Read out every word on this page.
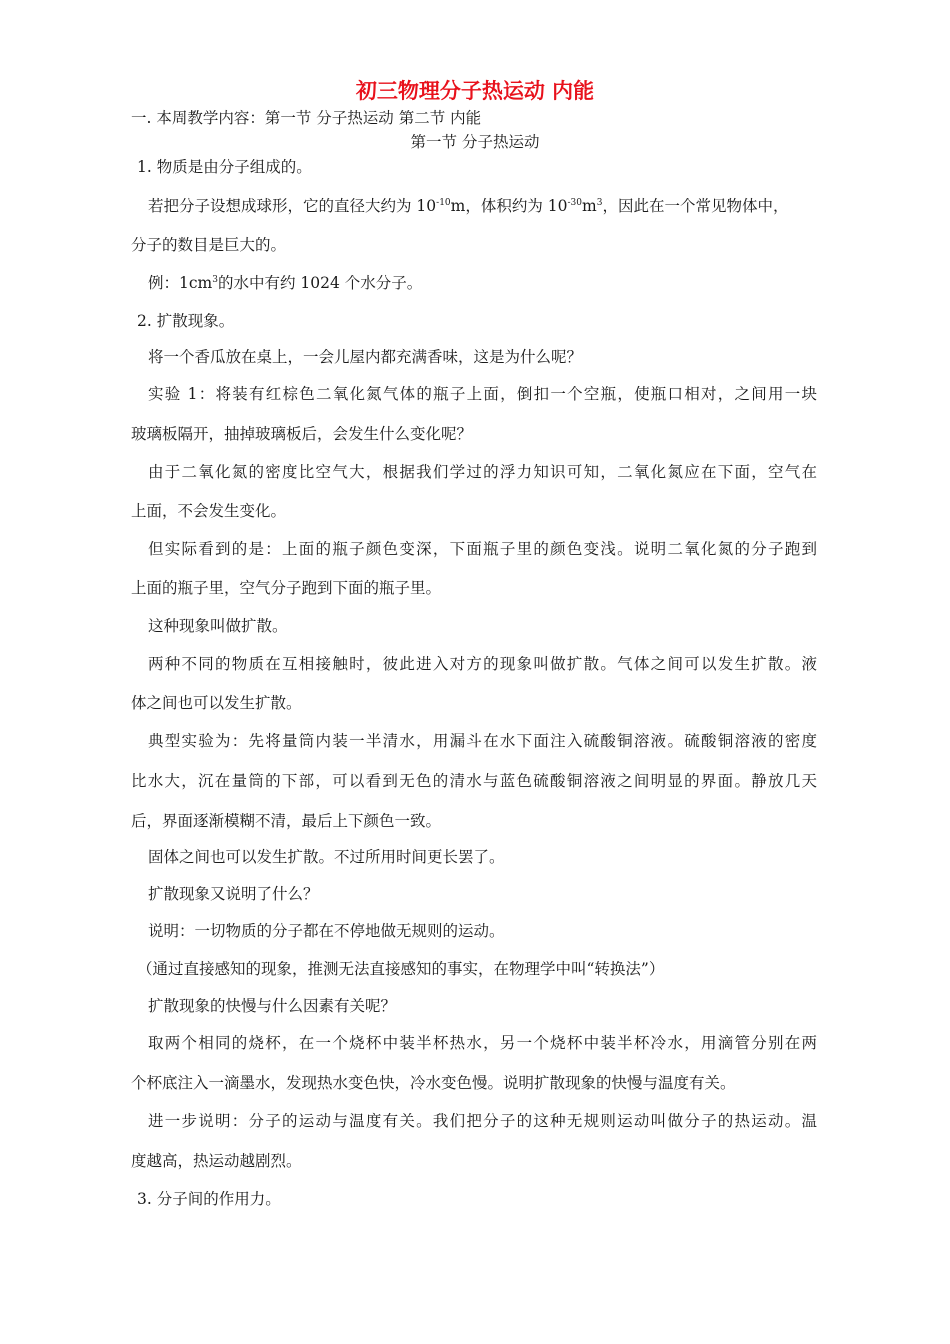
初三物理分子热运动 内能
一. 本周教学内容：第一节 分子热运动 第二节 内能
第一节 分子热运动
1. 物质是由分子组成的。
若把分子设想成球形，它的直径大约为 $10^{-10}m$，体积约为 $10^{-30}m^3$，因此在一个常见物体中，
分子的数目是巨大的。
例：$1cm^3$的水中有约 1024 个水分子。
2. 扩散现象。
将一个香瓜放在桌上，一会儿屋内都充满香味，这是为什么呢？
实验 1：将装有红棕色二氧化氮气体的瓶子上面，倒扣一个空瓶，使瓶口相对，之间用一块
玻璃板隔开，抽掉玻璃板后，会发生什么变化呢？
由于二氧化氮的密度比空气大，根据我们学过的浮力知识可知，二氧化氮应在下面，空气在
上面，不会发生变化。
但实际看到的是：上面的瓶子颜色变深，下面瓶子里的颜色变浅。说明二氧化氮的分子跑到
上面的瓶子里，空气分子跑到下面的瓶子里。
这种现象叫做扩散。
两种不同的物质在互相接触时，彼此进入对方的现象叫做扩散。气体之间可以发生扩散。液
体之间也可以发生扩散。
典型实验为：先将量筒内装一半清水，用漏斗在水下面注入硫酸铜溶液。硫酸铜溶液的密度
比水大，沉在量筒的下部，可以看到无色的清水与蓝色硫酸铜溶液之间明显的界面。静放几天
后，界面逐渐模糊不清，最后上下颜色一致。
固体之间也可以发生扩散。不过所用时间更长罢了。
扩散现象又说明了什么？
说明：一切物质的分子都在不停地做无规则的运动。
（通过直接感知的现象，推测无法直接感知的事实，在物理学中叫“转换法”）
扩散现象的快慢与什么因素有关呢？
取两个相同的烧杯，在一个烧杯中装半杯热水，另一个烧杯中装半杯冷水，用滴管分别在两
个杯底注入一滴墨水，发现热水变色快，冷水变色慢。说明扩散现象的快慢与温度有关。
进一步说明：分子的运动与温度有关。我们把分子的这种无规则运动叫做分子的热运动。温
度越高，热运动越剧烈。
3. 分子间的作用力。
